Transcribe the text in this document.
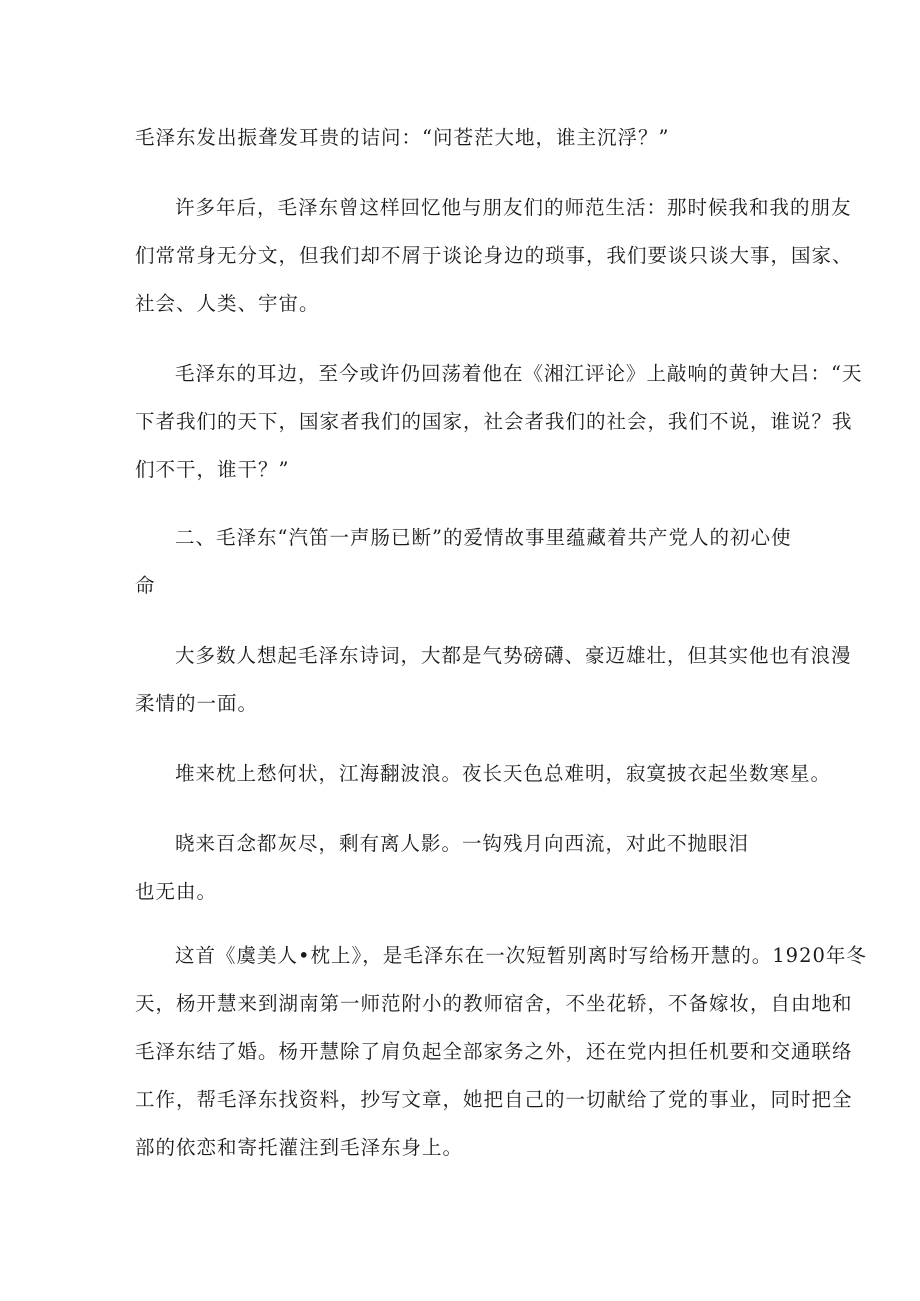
毛泽东发出振聋发耳贵的诘问：“问苍茫大地，谁主沉浮？”

许多年后，毛泽东曾这样回忆他与朋友们的师范生活：那时候我和我的朋友
们常常身无分文，但我们却不屑于谈论身边的琐事，我们要谈只谈大事，国家、
社会、人类、宇宙。

毛泽东的耳边，至今或许仍回荡着他在《湘江评论》上敲响的黄钟大吕：“天
下者我们的天下，国家者我们的国家，社会者我们的社会，我们不说，谁说？我
们不干，谁干？”

二、毛泽东“汽笛一声肠已断”的爱情故事里蕴藏着共产党人的初心使
命

大多数人想起毛泽东诗词，大都是气势磅礴、豪迈雄壮，但其实他也有浪漫
柔情的一面。

堆来枕上愁何状，江海翻波浪。夜长天色总难明，寂寞披衣起坐数寒星。

晓来百念都灰尽，剩有离人影。一钩残月向西流，对此不抛眼泪
也无由。

这首《虞美人•枕上》，是毛泽东在一次短暂别离时写给杨开慧的。1920年冬
天，杨开慧来到湖南第一师范附小的教师宿舍，不坐花轿，不备嫁妆，自由地和
毛泽东结了婚。杨开慧除了肩负起全部家务之外，还在党内担任机要和交通联络
工作，帮毛泽东找资料，抄写文章，她把自己的一切献给了党的事业，同时把全
部的依恋和寄托灌注到毛泽东身上。
